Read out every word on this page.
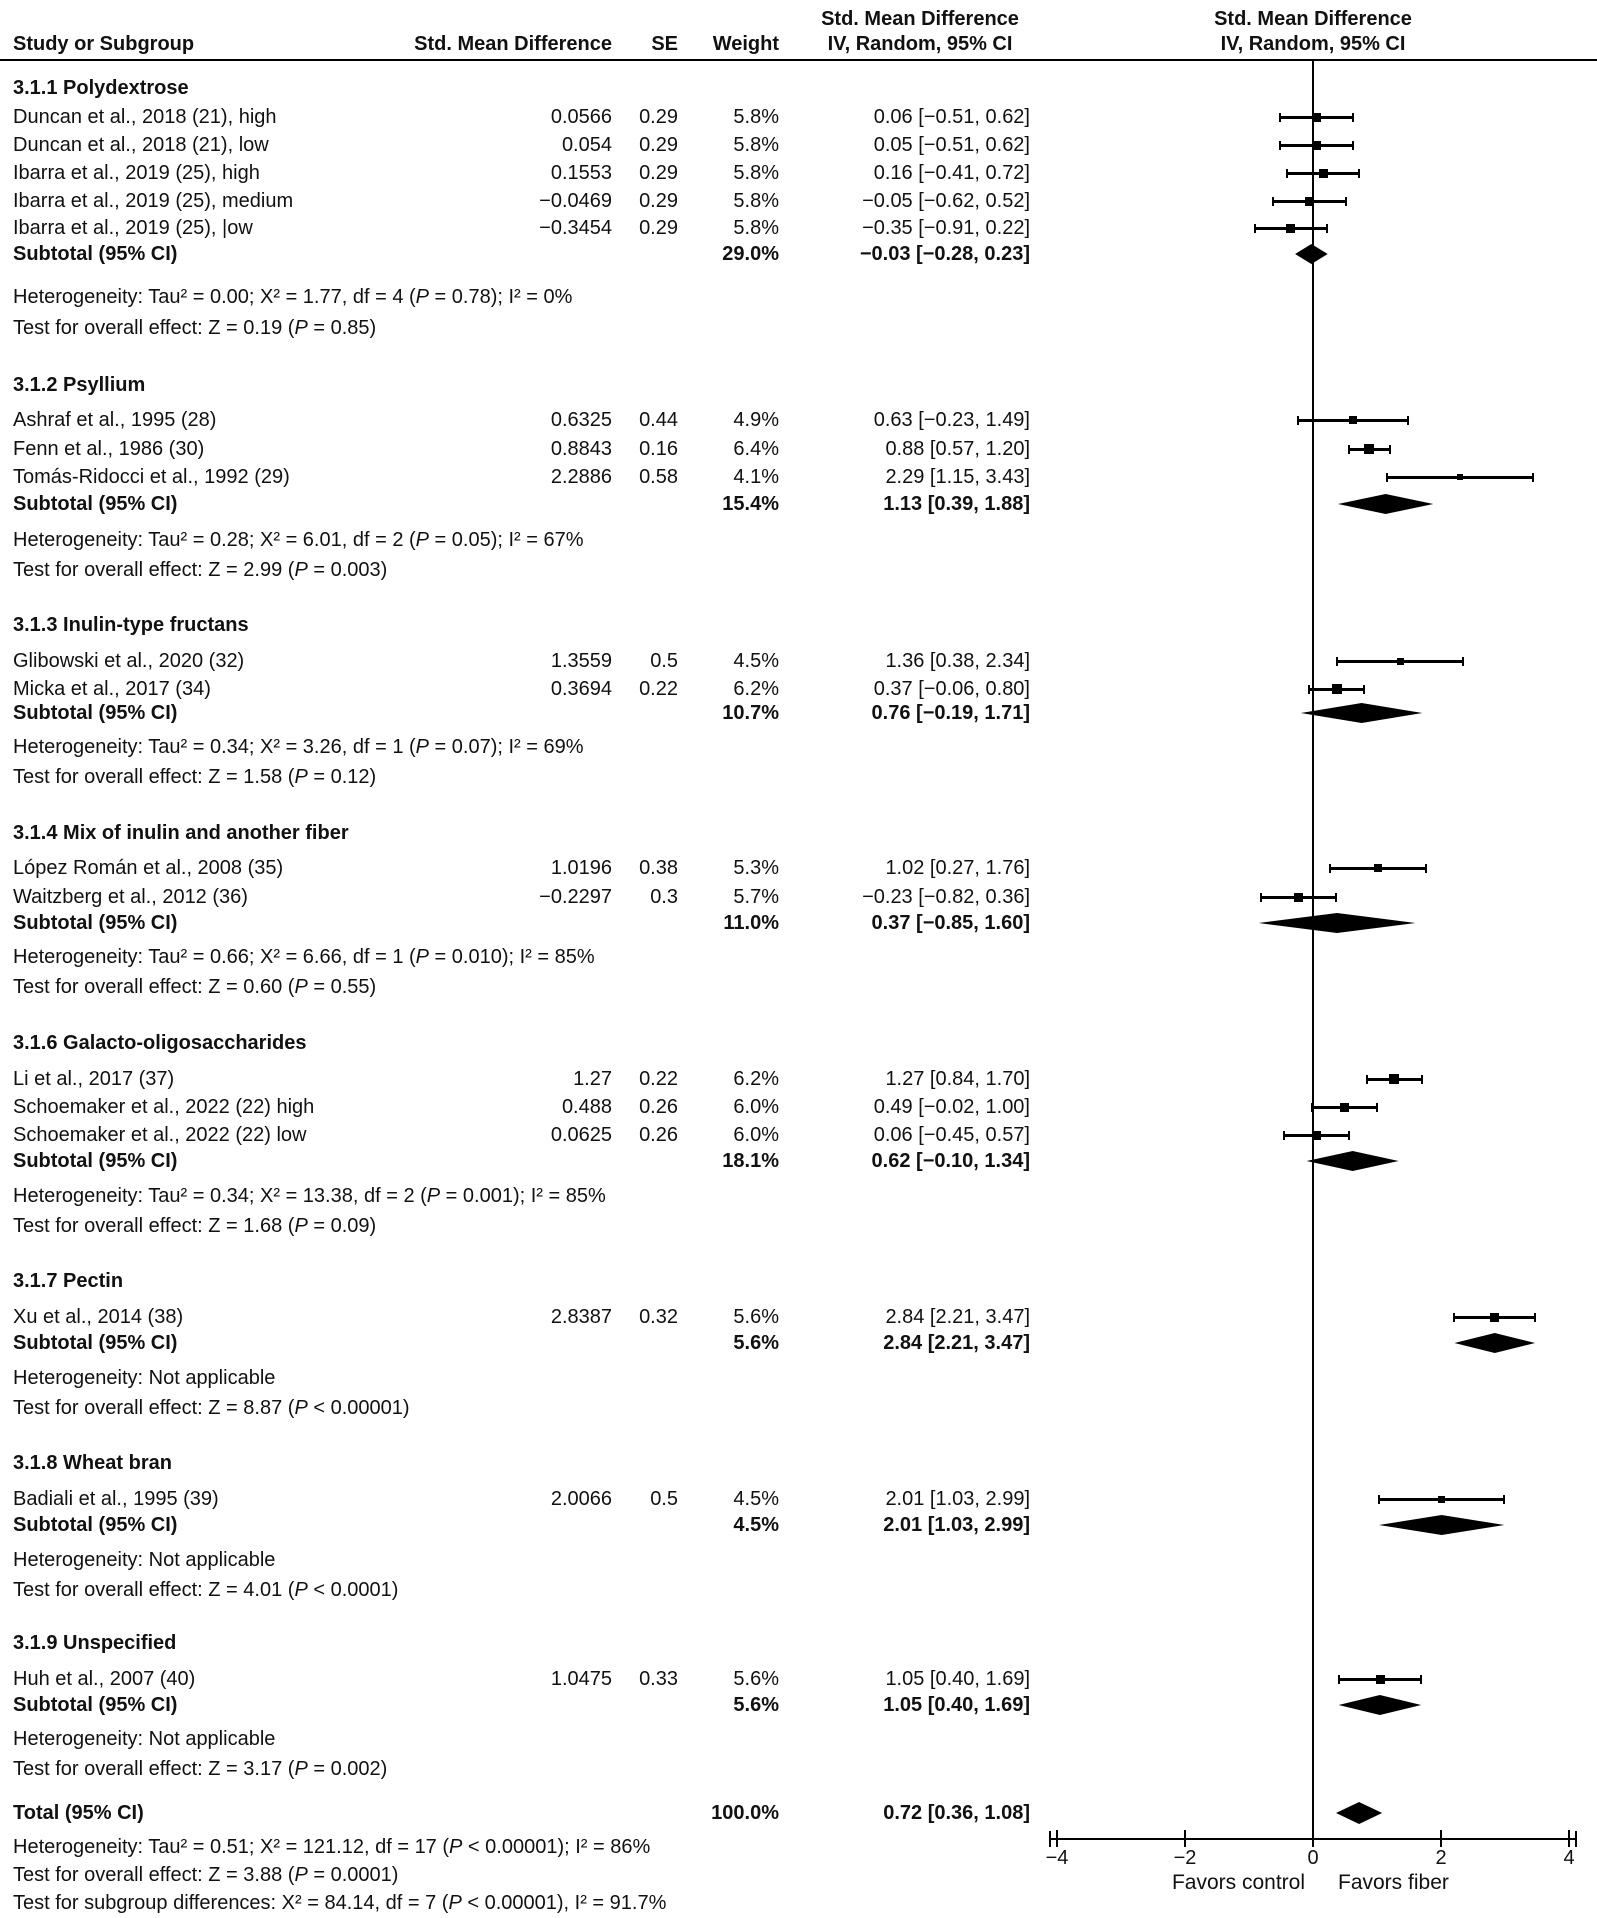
Std. Mean Difference	Std. Mean Difference
Study or Subgroup	Std. Mean Difference	SE	Weight	IV, Random, 95% CI	IV, Random, 95% CI
−4	−2	0	2	4
Favors control Favors fiber
3.1.1 Polydextrose
Duncan et al., 2018 (21), high	0.0566	0.29	5.8%	0.06 [−0.51, 0.62]
Duncan et al., 2018 (21), low	0.054	0.29	5.8%	0.05 [−0.51, 0.62]
Ibarra et al., 2019 (25), high	0.1553	0.29	5.8%	0.16 [−0.41, 0.72]
Ibarra et al., 2019 (25), medium	−0.0469	0.29	5.8%	−0.05 [−0.62, 0.52]
Ibarra et al., 2019 (25), |ow	−0.3454	0.29	5.8%	−0.35 [−0.91, 0.22]
Subtotal (95% CI)	29.0%	−0.03 [−0.28, 0.23]
Heterogeneity: Tau² = 0.00; Χ² = 1.77, df = 4 (P = 0.78); I² = 0%
Test for overall effect: Z = 0.19 (P = 0.85)
3.1.2 Psyllium
Ashraf et al., 1995 (28)	0.6325	0.44	4.9%	0.63 [−0.23, 1.49]
Fenn et al., 1986 (30)	0.8843	0.16	6.4%	0.88 [0.57, 1.20]
Tomás-Ridocci et al., 1992 (29)	2.2886	0.58	4.1%	2.29 [1.15, 3.43]
Subtotal (95% CI)	15.4%	1.13 [0.39, 1.88]
Heterogeneity: Tau² = 0.28; Χ² = 6.01, df = 2 (P = 0.05); I² = 67%
Test for overall effect: Z = 2.99 (P = 0.003)
3.1.3 Inulin-type fructans
Glibowski et al., 2020 (32)	1.3559	0.5	4.5%	1.36 [0.38, 2.34]
Micka et al., 2017 (34)	0.3694	0.22	6.2%	0.37 [−0.06, 0.80]
Subtotal (95% CI)	10.7%	0.76 [−0.19, 1.71]
Heterogeneity: Tau² = 0.34; Χ² = 3.26, df = 1 (P = 0.07); I² = 69%
Test for overall effect: Z = 1.58 (P = 0.12)
3.1.4 Mix of inulin and another fiber
López Román et al., 2008 (35)	1.0196	0.38	5.3%	1.02 [0.27, 1.76]
Waitzberg et al., 2012 (36)	−0.2297	0.3	5.7%	−0.23 [−0.82, 0.36]
Subtotal (95% CI)	11.0%	0.37 [−0.85, 1.60]
Heterogeneity: Tau² = 0.66; Χ² = 6.66, df = 1 (P = 0.010); I² = 85%
Test for overall effect: Z = 0.60 (P = 0.55)
3.1.6 Galacto-oligosaccharides
Li et al., 2017 (37)	1.27	0.22	6.2%	1.27 [0.84, 1.70]
Schoemaker et al., 2022 (22) high	0.488	0.26	6.0%	0.49 [−0.02, 1.00]
Schoemaker et al., 2022 (22) low	0.0625	0.26	6.0%	0.06 [−0.45, 0.57]
Subtotal (95% CI)	18.1%	0.62 [−0.10, 1.34]
Heterogeneity: Tau² = 0.34; Χ² = 13.38, df = 2 (P = 0.001); I² = 85%
Test for overall effect: Z = 1.68 (P = 0.09)
3.1.7 Pectin
Xu et al., 2014 (38)	2.8387	0.32	5.6%	2.84 [2.21, 3.47]
Subtotal (95% CI)	5.6%	2.84 [2.21, 3.47]
Heterogeneity: Not applicable
Test for overall effect: Z = 8.87 (P < 0.00001)
3.1.8 Wheat bran
Badiali et al., 1995 (39)	2.0066	0.5	4.5%	2.01 [1.03, 2.99]
Subtotal (95% CI)	4.5%	2.01 [1.03, 2.99]
Heterogeneity: Not applicable
Test for overall effect: Z = 4.01 (P < 0.0001)
3.1.9 Unspecified
Huh et al., 2007 (40)	1.0475	0.33	5.6%	1.05 [0.40, 1.69]
Subtotal (95% CI)	5.6%	1.05 [0.40, 1.69]
Heterogeneity: Not applicable
Test for overall effect: Z = 3.17 (P = 0.002)
Total (95% CI)	100.0%	0.72 [0.36, 1.08]
Heterogeneity: Tau² = 0.51; Χ² = 121.12, df = 17 (P < 0.00001); I² = 86%
Test for overall effect: Z = 3.88 (P = 0.0001)
Test for subgroup differences: Χ² = 84.14, df = 7 (P < 0.00001), I² = 91.7%
